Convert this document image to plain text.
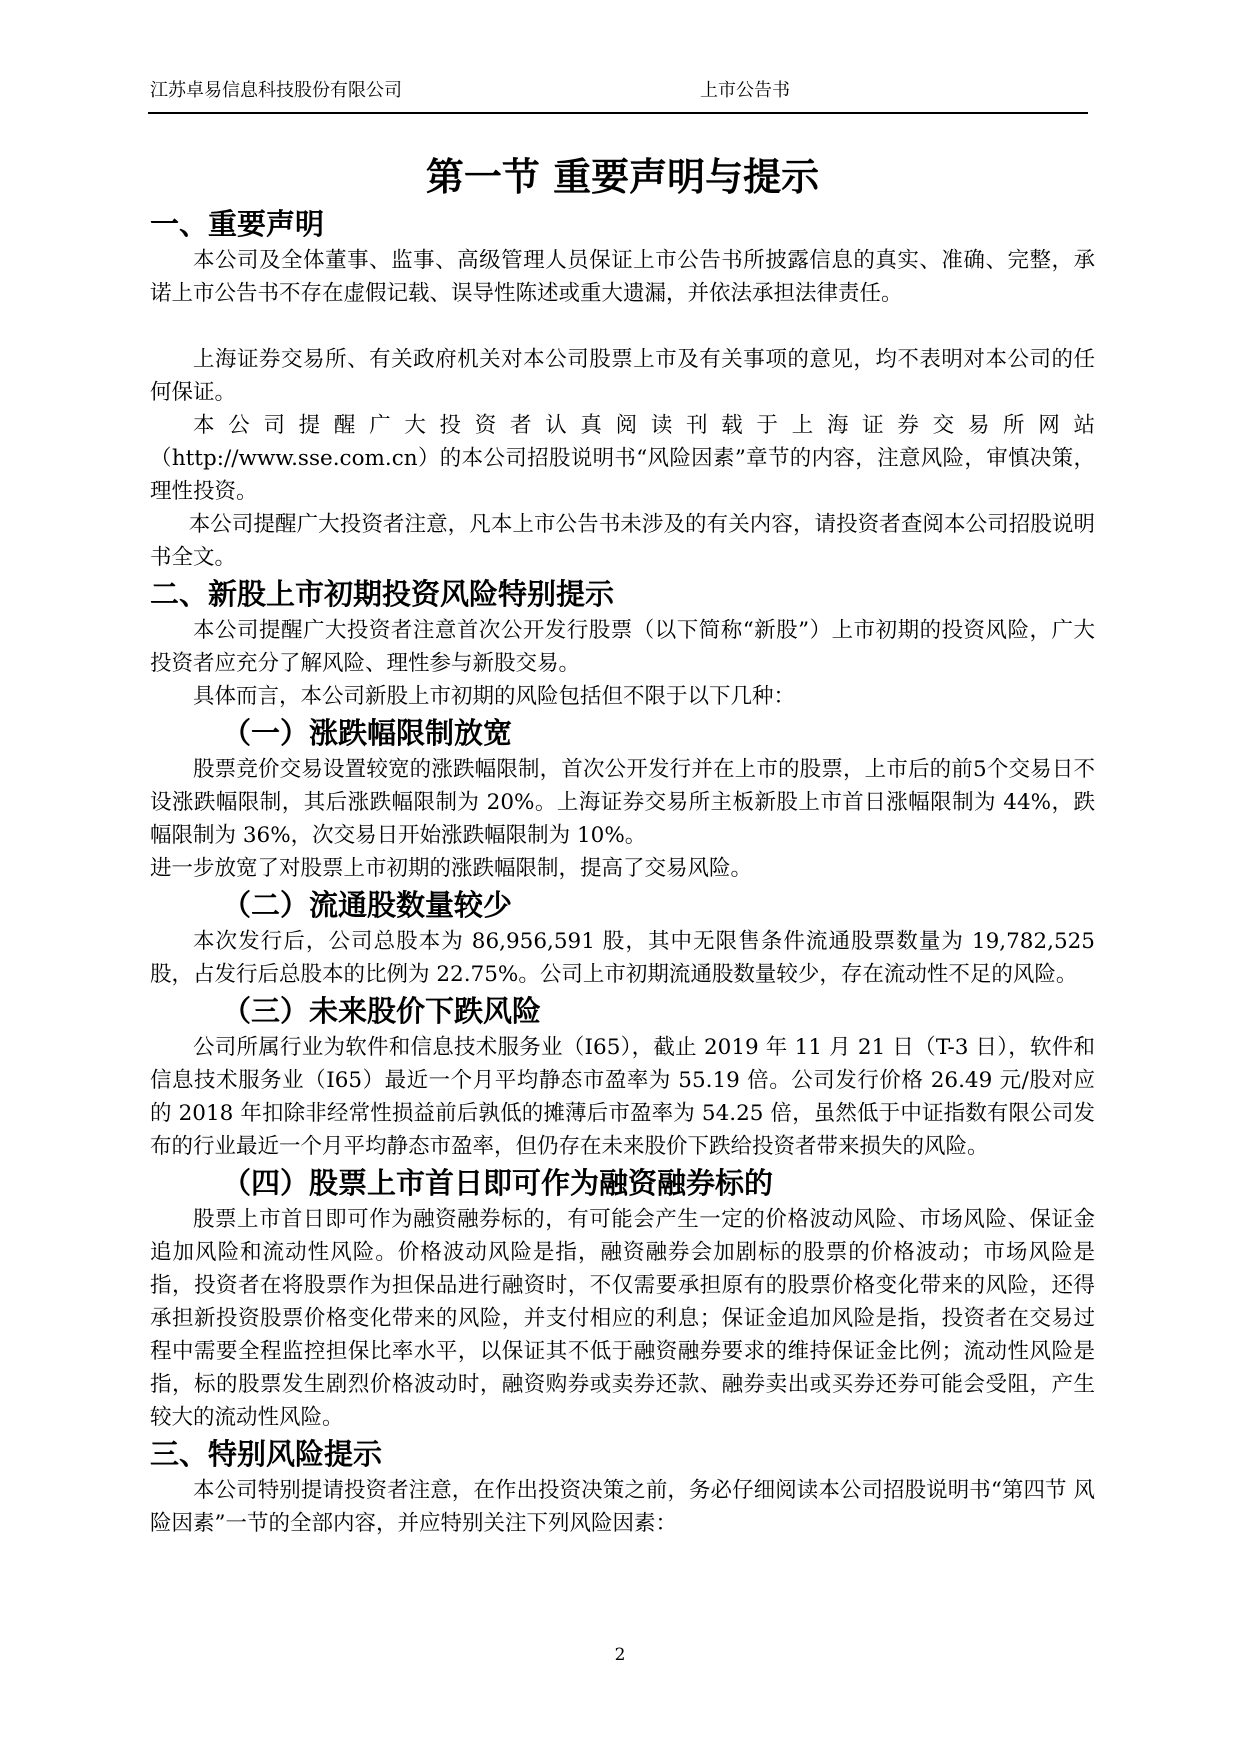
江苏卓易信息科技股份有限公司	上市公告书
第一节 重要声明与提示
一、重要声明

本公司及全体董事、监事、高级管理人员保证上市公告书所披露信息的真实、准确、完整，承诺上市公告书不存在虚假记载、误导性陈述或重大遗漏，并依法承担法律责任。

上海证券交易所、有关政府机关对本公司股票上市及有关事项的意见，均不表明对本公司的任何保证。

本公司提醒广大投资者认真阅读刊载于上海证券交易所网站

（http://www.sse.com.cn）的本公司招股说明书“风险因素”章节的内容，注意风险，审慎决策，理性投资。

本公司提醒广大投资者注意，凡本上市公告书未涉及的有关内容，请投资者查阅本公司招股说明书全文。

二、新股上市初期投资风险特别提示

本公司提醒广大投资者注意首次公开发行股票（以下简称“新股”）上市初期的投资风险，广大投资者应充分了解风险、理性参与新股交易。

具体而言，本公司新股上市初期的风险包括但不限于以下几种：

（一）涨跌幅限制放宽

股票竞价交易设置较宽的涨跌幅限制，首次公开发行并在上市的股票，上市后的前5个交易日不设涨跌幅限制，其后涨跌幅限制为 20%。上海证券交易所主板新股上市首日涨幅限制为 44%，跌幅限制为 36%，次交易日开始涨跌幅限制为 10%。

进一步放宽了对股票上市初期的涨跌幅限制，提高了交易风险。

（二）流通股数量较少

本次发行后，公司总股本为 86,956,591 股，其中无限售条件流通股票数量为 19,782,525 股，占发行后总股本的比例为 22.75%。公司上市初期流通股数量较少，存在流动性不足的风险。

（三）未来股价下跌风险

公司所属行业为软件和信息技术服务业（I65），截止 2019 年 11 月 21 日（T-3 日），软件和信息技术服务业（I65）最近一个月平均静态市盈率为 55.19 倍。公司发行价格 26.49 元/股对应的 2018 年扣除非经常性损益前后孰低的摊薄后市盈率为 54.25 倍，虽然低于中证指数有限公司发布的行业最近一个月平均静态市盈率，但仍存在未来股价下跌给投资者带来损失的风险。

（四）股票上市首日即可作为融资融券标的

股票上市首日即可作为融资融券标的，有可能会产生一定的价格波动风险、市场风险、保证金追加风险和流动性风险。价格波动风险是指，融资融券会加剧标的股票的价格波动；市场风险是指，投资者在将股票作为担保品进行融资时，不仅需要承担原有的股票价格变化带来的风险，还得承担新投资股票价格变化带来的风险，并支付相应的利息；保证金追加风险是指，投资者在交易过程中需要全程监控担保比率水平，以保证其不低于融资融券要求的维持保证金比例；流动性风险是指，标的股票发生剧烈价格波动时，融资购券或卖券还款、融券卖出或买券还券可能会受阻，产生较大的流动性风险。

三、特别风险提示

本公司特别提请投资者注意，在作出投资决策之前，务必仔细阅读本公司招股说明书“第四节 风险因素”一节的全部内容，并应特别关注下列风险因素：

2
